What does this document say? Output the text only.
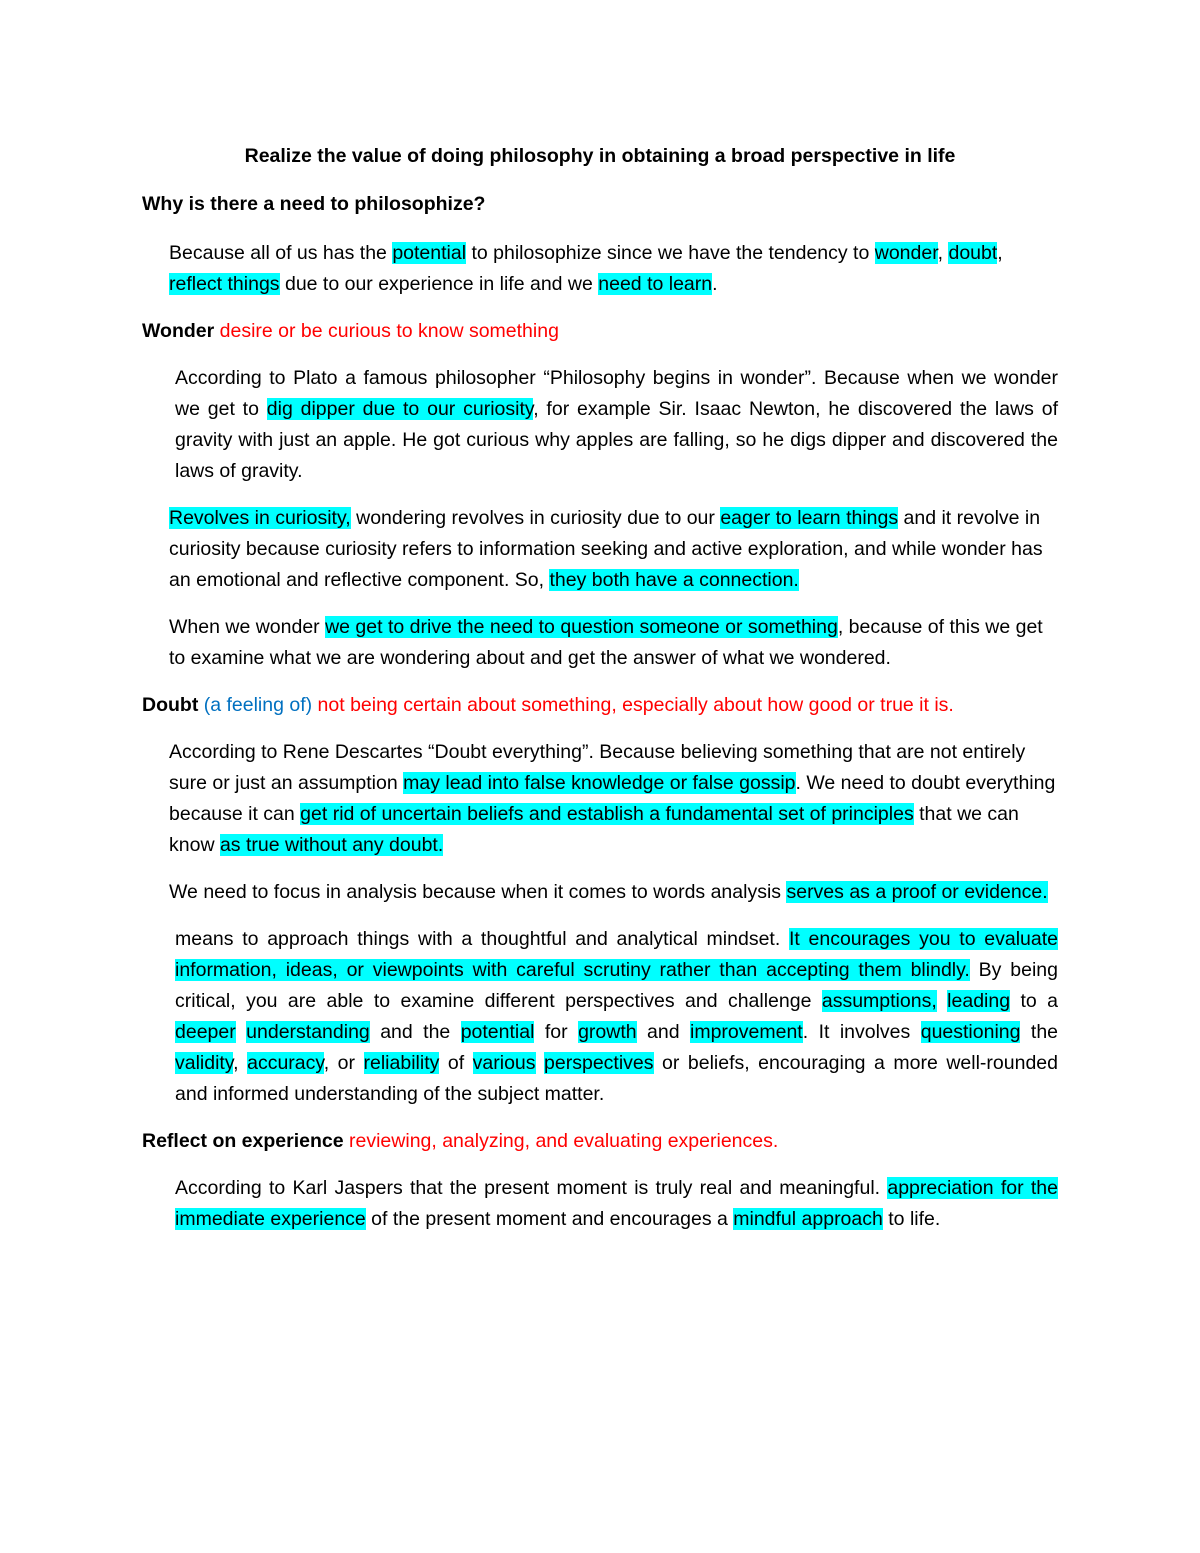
Realize the value of doing philosophy in obtaining a broad perspective in life

Why is there a need to philosophize?

Because all of us has the potential to philosophize since we have the tendency to wonder, doubt, reflect things due to our experience in life and we need to learn.

Wonder desire or be curious to know something

According to Plato a famous philosopher “Philosophy begins in wonder”. Because when we wonder we get to dig dipper due to our curiosity, for example Sir. Isaac Newton, he discovered the laws of gravity with just an apple. He got curious why apples are falling, so he digs dipper and discovered the laws of gravity.

Revolves in curiosity, wondering revolves in curiosity due to our eager to learn things and it revolve in curiosity because curiosity refers to information seeking and active exploration, and while wonder has an emotional and reflective component. So, they both have a connection.

When we wonder we get to drive the need to question someone or something, because of this we get to examine what we are wondering about and get the answer of what we wondered.

Doubt (a feeling of) not being certain about something, especially about how good or true it is.

According to Rene Descartes “Doubt everything”. Because believing something that are not entirely sure or just an assumption may lead into false knowledge or false gossip. We need to doubt everything because it can get rid of uncertain beliefs and establish a fundamental set of principles that we can know as true without any doubt.

We need to focus in analysis because when it comes to words analysis serves as a proof or evidence.

means to approach things with a thoughtful and analytical mindset. It encourages you to evaluate information, ideas, or viewpoints with careful scrutiny rather than accepting them blindly. By being critical, you are able to examine different perspectives and challenge assumptions, leading to a deeper understanding and the potential for growth and improvement. It involves questioning the validity, accuracy, or reliability of various perspectives or beliefs, encouraging a more well-rounded and informed understanding of the subject matter.

Reflect on experience reviewing, analyzing, and evaluating experiences.

According to Karl Jaspers that the present moment is truly real and meaningful. appreciation for the immediate experience of the present moment and encourages a mindful approach to life.
